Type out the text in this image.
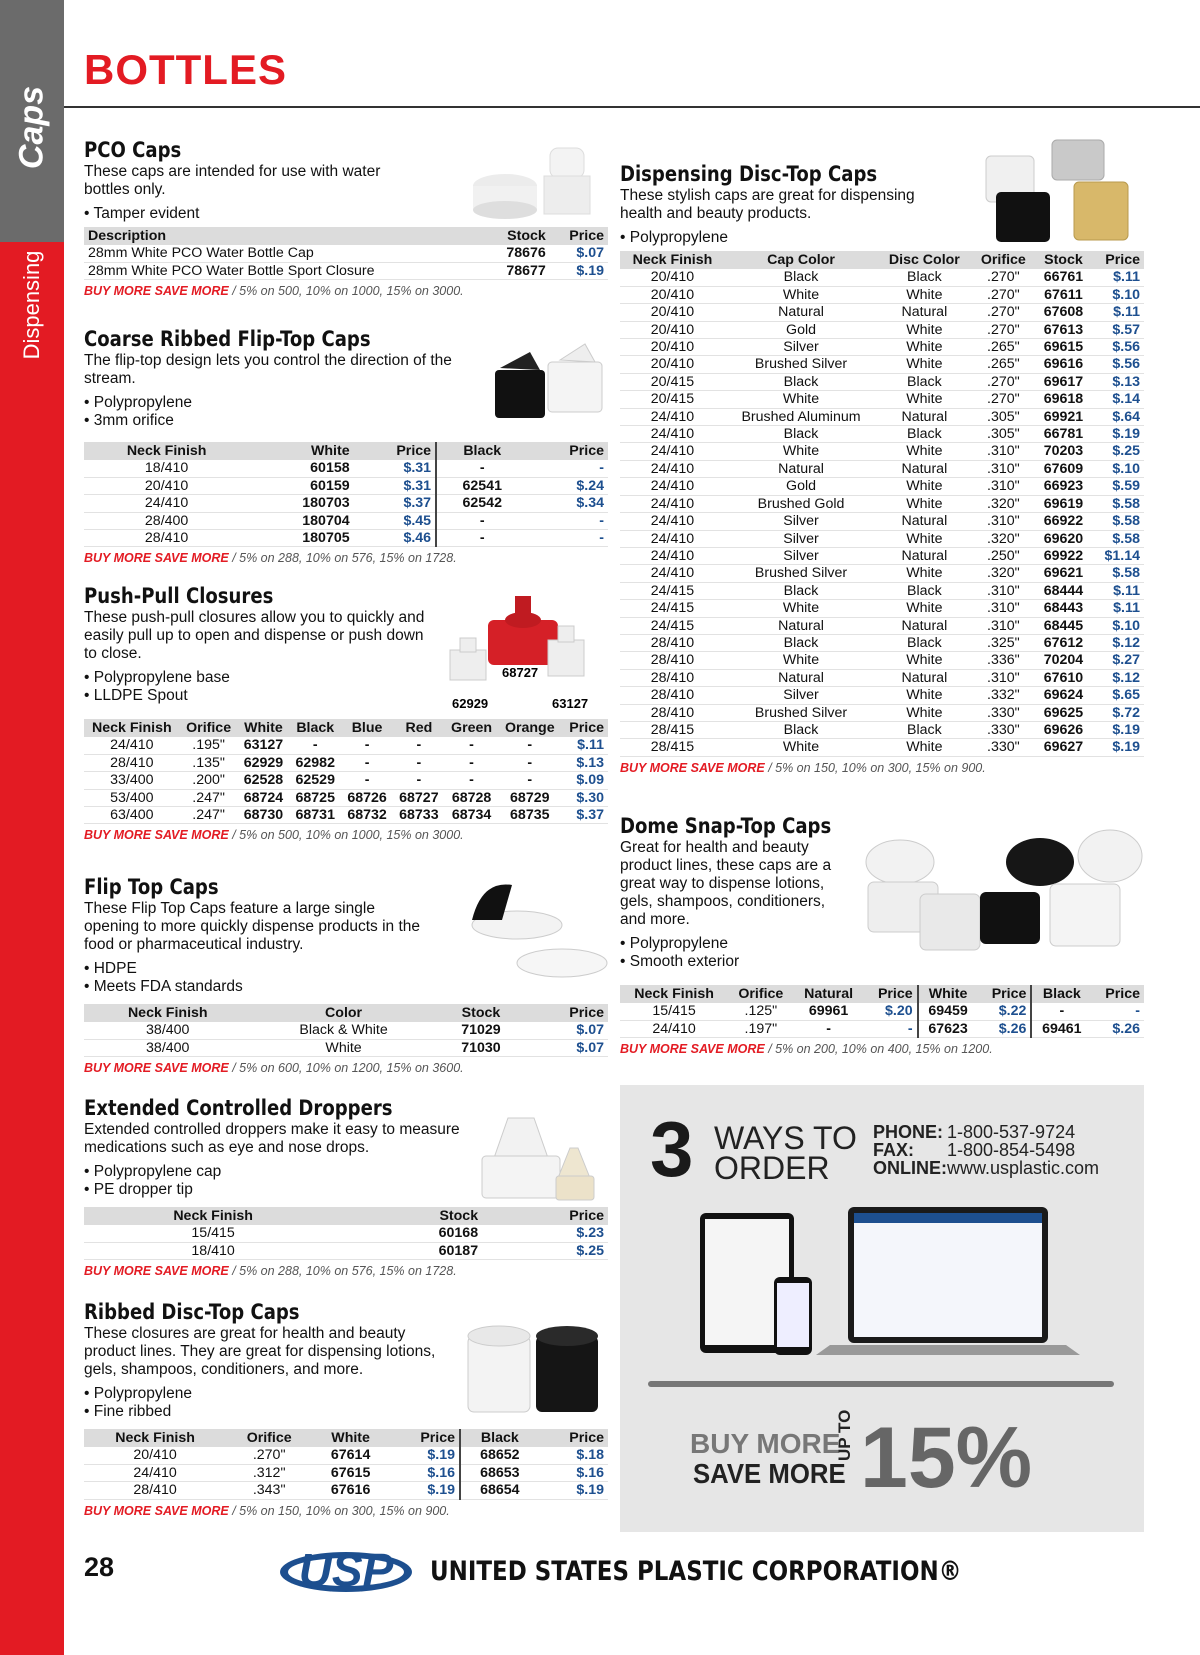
Caps
Dispensing
BOTTLES
PCO Caps
These caps are intended for use with water bottles only.
• Tamper evident
Description	Stock	Price
28mm White PCO Water Bottle Cap	78676	$.07
28mm White PCO Water Bottle Sport Closure	78677	$.19
BUY MORE SAVE MORE / 5% on 500, 10% on 1000, 15% on 3000.
Coarse Ribbed Flip-Top Caps
The flip-top design lets you control the direction of the stream.
• Polypropylene
• 3mm orifice
Neck Finish	White	Price	Black	Price
18/410	60158	$.31	-	-
20/410	60159	$.31	62541	$.24
24/410	180703	$.37	62542	$.34
28/400	180704	$.45	-	-
28/410	180705	$.46	-	-
BUY MORE SAVE MORE / 5% on 288, 10% on 576, 15% on 1728.
Push-Pull Closures
These push-pull closures allow you to quickly and easily pull up to open and dispense or push down to close.
• Polypropylene base
• LLDPE Spout
Neck Finish	Orifice	White	Black	Blue	Red	Green	Orange	Price
24/410	.195"	63127	-	-	-	-	-	$.11
28/410	.135"	62929	62982	-	-	-	-	$.13
33/400	.200"	62528	62529	-	-	-	-	$.09
53/400	.247"	68724	68725	68726	68727	68728	68729	$.30
63/400	.247"	68730	68731	68732	68733	68734	68735	$.37
BUY MORE SAVE MORE / 5% on 500, 10% on 1000, 15% on 3000.
68727
62929	63127
Flip Top Caps
These Flip Top Caps feature a large single opening to more quickly dispense products in the food or pharmaceutical industry.
• HDPE
• Meets FDA standards
Neck Finish	Color	Stock	Price
38/400	Black & White	71029	$.07
38/400	White	71030	$.07
BUY MORE SAVE MORE / 5% on 600, 10% on 1200, 15% on 3600.
Extended Controlled Droppers
Extended controlled droppers make it easy to measure medications such as eye and nose drops.
• Polypropylene cap
• PE dropper tip
Neck Finish	Stock	Price
15/415	60168	$.23
18/410	60187	$.25
BUY MORE SAVE MORE / 5% on 288, 10% on 576, 15% on 1728.
Ribbed Disc-Top Caps
These closures are great for health and beauty product lines. They are great for dispensing lotions, gels, shampoos, conditioners, and more.
• Polypropylene
• Fine ribbed
Neck Finish	Orifice	White	Price	Black	Price
20/410	.270"	67614	$.19	68652	$.18
24/410	.312"	67615	$.16	68653	$.16
28/410	.343"	67616	$.19	68654	$.19
BUY MORE SAVE MORE / 5% on 150, 10% on 300, 15% on 900.
Dispensing Disc-Top Caps
These stylish caps are great for dispensing health and beauty products.
• Polypropylene
Neck Finish	Cap Color	Disc Color	Orifice	Stock	Price
20/410	Black	Black	.270"	66761	$.11
20/410	White	White	.270"	67611	$.10
20/410	Natural	Natural	.270"	67608	$.11
20/410	Gold	White	.270"	67613	$.57
20/410	Silver	White	.265"	69615	$.56
20/410	Brushed Silver	White	.265"	69616	$.56
20/415	Black	Black	.270"	69617	$.13
20/415	White	White	.270"	69618	$.14
24/410	Brushed Aluminum	Natural	.305"	69921	$.64
24/410	Black	Black	.305"	66781	$.19
24/410	White	White	.310"	70203	$.25
24/410	Natural	Natural	.310"	67609	$.10
24/410	Gold	White	.310"	66923	$.59
24/410	Brushed Gold	White	.320"	69619	$.58
24/410	Silver	Natural	.310"	66922	$.58
24/410	Silver	White	.320"	69620	$.58
24/410	Silver	Natural	.250"	69922	$1.14
24/410	Brushed Silver	White	.320"	69621	$.58
24/415	Black	Black	.310"	68444	$.11
24/415	White	White	.310"	68443	$.11
24/415	Natural	Natural	.310"	68445	$.10
28/410	Black	Black	.325"	67612	$.12
28/410	White	White	.336"	70204	$.27
28/410	Natural	Natural	.310"	67610	$.12
28/410	Silver	White	.332"	69624	$.65
28/410	Brushed Silver	White	.330"	69625	$.72
28/415	Black	Black	.330"	69626	$.19
28/415	White	White	.330"	69627	$.19
BUY MORE SAVE MORE / 5% on 150, 10% on 300, 15% on 900.
Dome Snap-Top Caps
Great for health and beauty product lines, these caps are a great way to dispense lotions, gels, shampoos, conditioners, and more.
• Polypropylene
• Smooth exterior
Neck Finish	Orifice	Natural	Price	White	Price	Black	Price
15/415	.125"	69961	$.20	69459	$.22	-	-
24/410	.197"	-	-	67623	$.26	69461	$.26
BUY MORE SAVE MORE / 5% on 200, 10% on 400, 15% on 1200.
3 WAYS TO
ORDER
PHONE: 1-800-537-9724
FAX: 1-800-854-5498
ONLINE:www.usplastic.com
BUY MORE
SAVE MORE
UP TO 15%
28	USP UNITED STATES PLASTIC CORPORATION®
